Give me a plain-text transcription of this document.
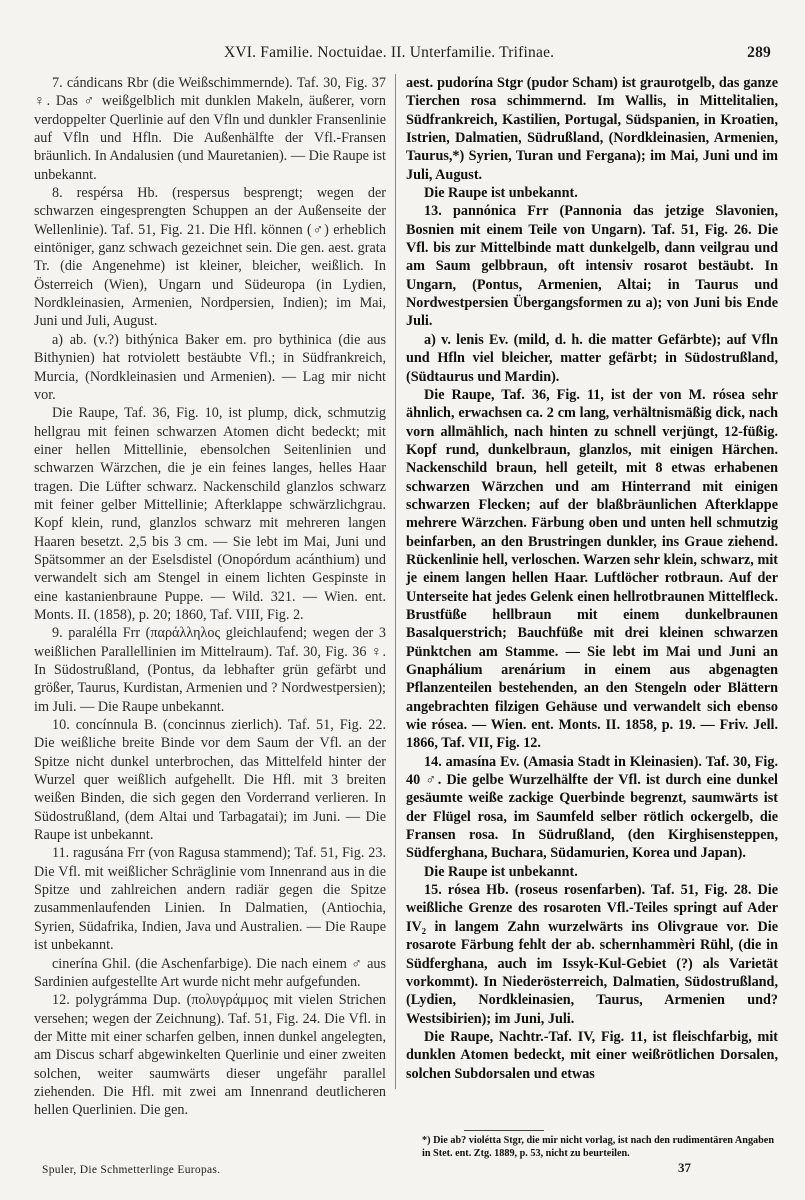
XVI. Familie. Noctuidae. II. Unterfamilie. Trifinae.	289

7. cándicans Rbr (die Weißschimmernde). Taf. 30, Fig. 37 ♀. Das ♂ weißgelblich mit dunklen Makeln, äußerer, vorn verdoppelter Querlinie auf den Vfln und dunkler Fransenlinie auf Vfln und Hfln. Die Außenhälfte der Vfl.-Fransen bräunlich. In Andalusien (und Mauretanien). — Die Raupe ist unbekannt.

8. respérsa Hb. (respersus besprengt; wegen der schwarzen eingesprengten Schuppen an der Außenseite der Wellenlinie). Taf. 51, Fig. 21. Die Hfl. können (♂) erheblich eintöniger, ganz schwach gezeichnet sein. Die gen. aest. grata Tr. (die Angenehme) ist kleiner, bleicher, weißlich. In Österreich (Wien), Ungarn und Südeuropa (in Lydien, Nordkleinasien, Armenien, Nordpersien, Indien); im Mai, Juni und Juli, August.

a) ab. (v.?) bithýnica Baker em. pro bythinica (die aus Bithynien) hat rotviolett bestäubte Vfl.; in Südfrankreich, Murcia, (Nordkleinasien und Armenien). — Lag mir nicht vor.

Die Raupe, Taf. 36, Fig. 10, ist plump, dick, schmutzig hellgrau mit feinen schwarzen Atomen dicht bedeckt; mit einer hellen Mittellinie, ebensolchen Seitenlinien und schwarzen Wärzchen, die je ein feines langes, helles Haar tragen. Die Lüfter schwarz. Nackenschild glanzlos schwarz mit feiner gelber Mittellinie; Afterklappe schwärzlichgrau. Kopf klein, rund, glanzlos schwarz mit mehreren langen Haaren besetzt. 2,5 bis 3 cm. — Sie lebt im Mai, Juni und Spätsommer an der Eselsdistel (Onopórdum acánthium) und verwandelt sich am Stengel in einem lichten Gespinste in eine kastanienbraune Puppe. — Wild. 321. — Wien. ent. Monts. II. (1858), p. 20; 1860, Taf. VIII, Fig. 2.

9. paralélla Frr (παράλληλος gleichlaufend; wegen der 3 weißlichen Parallellinien im Mittelraum). Taf. 30, Fig. 36 ♀. In Südostrußland, (Pontus, da lebhafter grün gefärbt und größer, Taurus, Kurdistan, Armenien und ? Nordwestpersien); im Juli. — Die Raupe unbekannt.

10. concínnula B. (concinnus zierlich). Taf. 51, Fig. 22. Die weißliche breite Binde vor dem Saum der Vfl. an der Spitze nicht dunkel unterbrochen, das Mittelfeld hinter der Wurzel quer weißlich aufgehellt. Die Hfl. mit 3 breiten weißen Binden, die sich gegen den Vorderrand verlieren. In Südostrußland, (dem Altai und Tarbagatai); im Juni. — Die Raupe ist unbekannt.

11. ragusána Frr (von Ragusa stammend); Taf. 51, Fig. 23. Die Vfl. mit weißlicher Schräglinie vom Innenrand aus in die Spitze und zahlreichen andern radiär gegen die Spitze zusammenlaufenden Linien. In Dalmatien, (Antiochia, Syrien, Südafrika, Indien, Java und Australien. — Die Raupe ist unbekannt.

cinerína Ghil. (die Aschenfarbige). Die nach einem ♂ aus Sardinien aufgestellte Art wurde nicht mehr aufgefunden.

12. polygrámma Dup. (πολυγράμμος mit vielen Strichen versehen; wegen der Zeichnung). Taf. 51, Fig. 24. Die Vfl. in der Mitte mit einer scharfen gelben, innen dunkel angelegten, am Discus scharf abgewinkelten Querlinie und einer zweiten solchen, weiter saumwärts dieser ungefähr parallel ziehenden. Die Hfl. mit zwei am Innenrand deutlicheren hellen Querlinien. Die gen.

aest. pudorína Stgr (pudor Scham) ist graurotgelb, das ganze Tierchen rosa schimmernd. Im Wallis, in Mittelitalien, Südfrankreich, Kastilien, Portugal, Südspanien, in Kroatien, Istrien, Dalmatien, Südrußland, (Nordkleinasien, Armenien, Taurus,*) Syrien, Turan und Fergana); im Mai, Juni und im Juli, August.

Die Raupe ist unbekannt.

13. pannónica Frr (Pannonia das jetzige Slavonien, Bosnien mit einem Teile von Ungarn). Taf. 51, Fig. 26. Die Vfl. bis zur Mittelbinde matt dunkelgelb, dann veilgrau und am Saum gelbbraun, oft intensiv rosarot bestäubt. In Ungarn, (Pontus, Armenien, Altai; in Taurus und Nordwestpersien Übergangsformen zu a); von Juni bis Ende Juli.

a) v. lenis Ev. (mild, d. h. die matter Gefärbte); auf Vfln und Hfln viel bleicher, matter gefärbt; in Südostrußland, (Südtaurus und Mardin).

Die Raupe, Taf. 36, Fig. 11, ist der von M. rósea sehr ähnlich, erwachsen ca. 2 cm lang, verhältnismäßig dick, nach vorn allmählich, nach hinten zu schnell verjüngt, 12-füßig. Kopf rund, dunkelbraun, glanzlos, mit einigen Härchen. Nackenschild braun, hell geteilt, mit 8 etwas erhabenen schwarzen Wärzchen und am Hinterrand mit einigen schwarzen Flecken; auf der blaßbräunlichen Afterklappe mehrere Wärzchen. Färbung oben und unten hell schmutzig beinfarben, an den Brustringen dunkler, ins Graue ziehend. Rückenlinie hell, verloschen. Warzen sehr klein, schwarz, mit je einem langen hellen Haar. Luftlöcher rotbraun. Auf der Unterseite hat jedes Gelenk einen hellrotbraunen Mittelfleck. Brustfüße hellbraun mit einem dunkelbraunen Basalquerstrich; Bauchfüße mit drei kleinen schwarzen Pünktchen am Stamme. — Sie lebt im Mai und Juni an Gnaphálium arenárium in einem aus abgenagten Pflanzenteilen bestehenden, an den Stengeln oder Blättern angebrachten filzigen Gehäuse und verwandelt sich ebenso wie rósea. — Wien. ent. Monts. II. 1858, p. 19. — Friv. Jell. 1866, Taf. VII, Fig. 12.

14. amasína Ev. (Amasia Stadt in Kleinasien). Taf. 30, Fig. 40 ♂. Die gelbe Wurzelhälfte der Vfl. ist durch eine dunkel gesäumte weiße zackige Querbinde begrenzt, saumwärts ist der Flügel rosa, im Saumfeld selber rötlich ockergelb, die Fransen rosa. In Südrußland, (den Kirghisensteppen, Südferghana, Buchara, Südamurien, Korea und Japan).

Die Raupe ist unbekannt.

15. rósea Hb. (roseus rosenfarben). Taf. 51, Fig. 28. Die weißliche Grenze des rosaroten Vfl.-Teiles springt auf Ader IV₂ in langem Zahn wurzelwärts ins Olivgraue vor. Die rosarote Färbung fehlt der ab. schernhammèri Rühl, (die in Südferghana, auch im Issyk-Kul-Gebiet (?) als Varietät vorkommt). In Niederösterreich, Dalmatien, Südostrußland, (Lydien, Nordkleinasien, Taurus, Armenien und? Westsibirien); im Juni, Juli.

Die Raupe, Nachtr.-Taf. IV, Fig. 11, ist fleischfarbig, mit dunklen Atomen bedeckt, mit einer weißrötlichen Dorsalen, solchen Subdorsalen und etwas

*) Die ab? violétta Stgr, die mir nicht vorlag, ist nach den rudimentären Angaben in Stet. ent. Ztg. 1889, p. 53, nicht zu beurteilen.
Spuler, Die Schmetterlinge Europas.	37
